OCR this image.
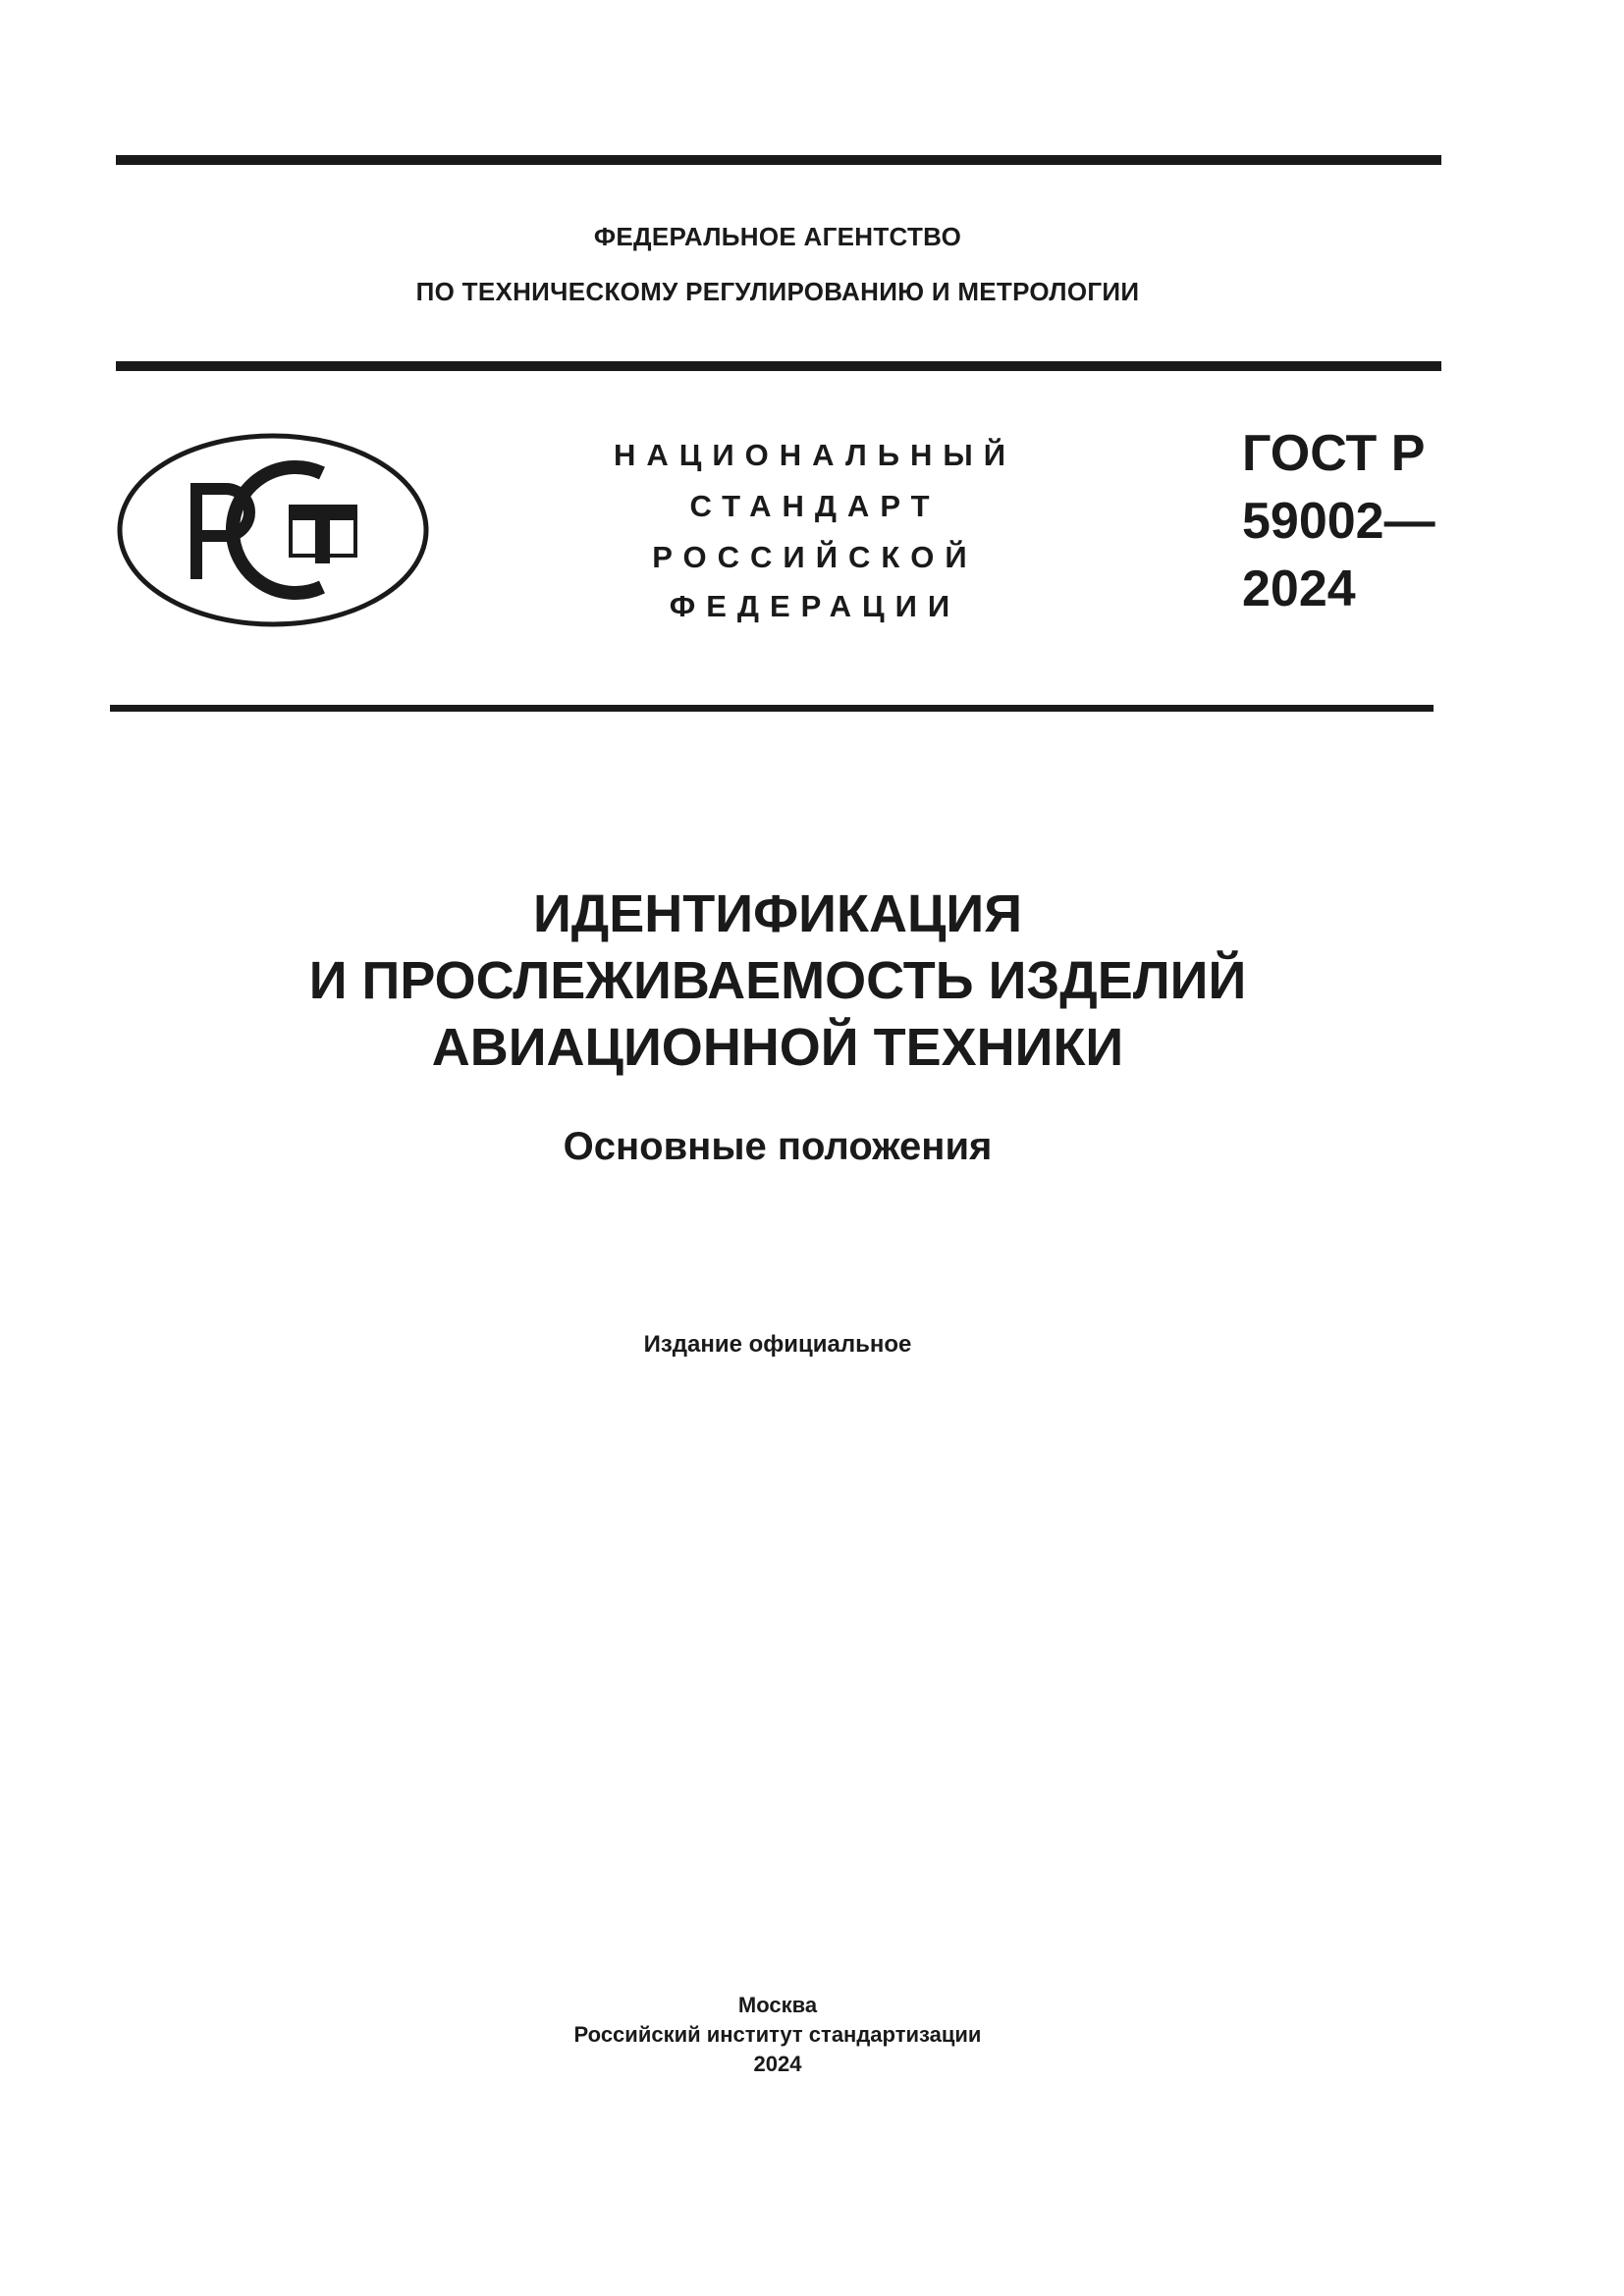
ФЕДЕРАЛЬНОЕ АГЕНТСТВО
ПО ТЕХНИЧЕСКОМУ РЕГУЛИРОВАНИЮ И МЕТРОЛОГИИ
НАЦИОНАЛЬНЫЙ
СТАНДАРТ
РОССИЙСКОЙ
ФЕДЕРАЦИИ
ГОСТ Р
59002—
2024
ИДЕНТИФИКАЦИЯ
И ПРОСЛЕЖИВАЕМОСТЬ ИЗДЕЛИЙ
АВИАЦИОННОЙ ТЕХНИКИ
Основные положения
Издание официальное
Москва
Российский институт стандартизации
2024
